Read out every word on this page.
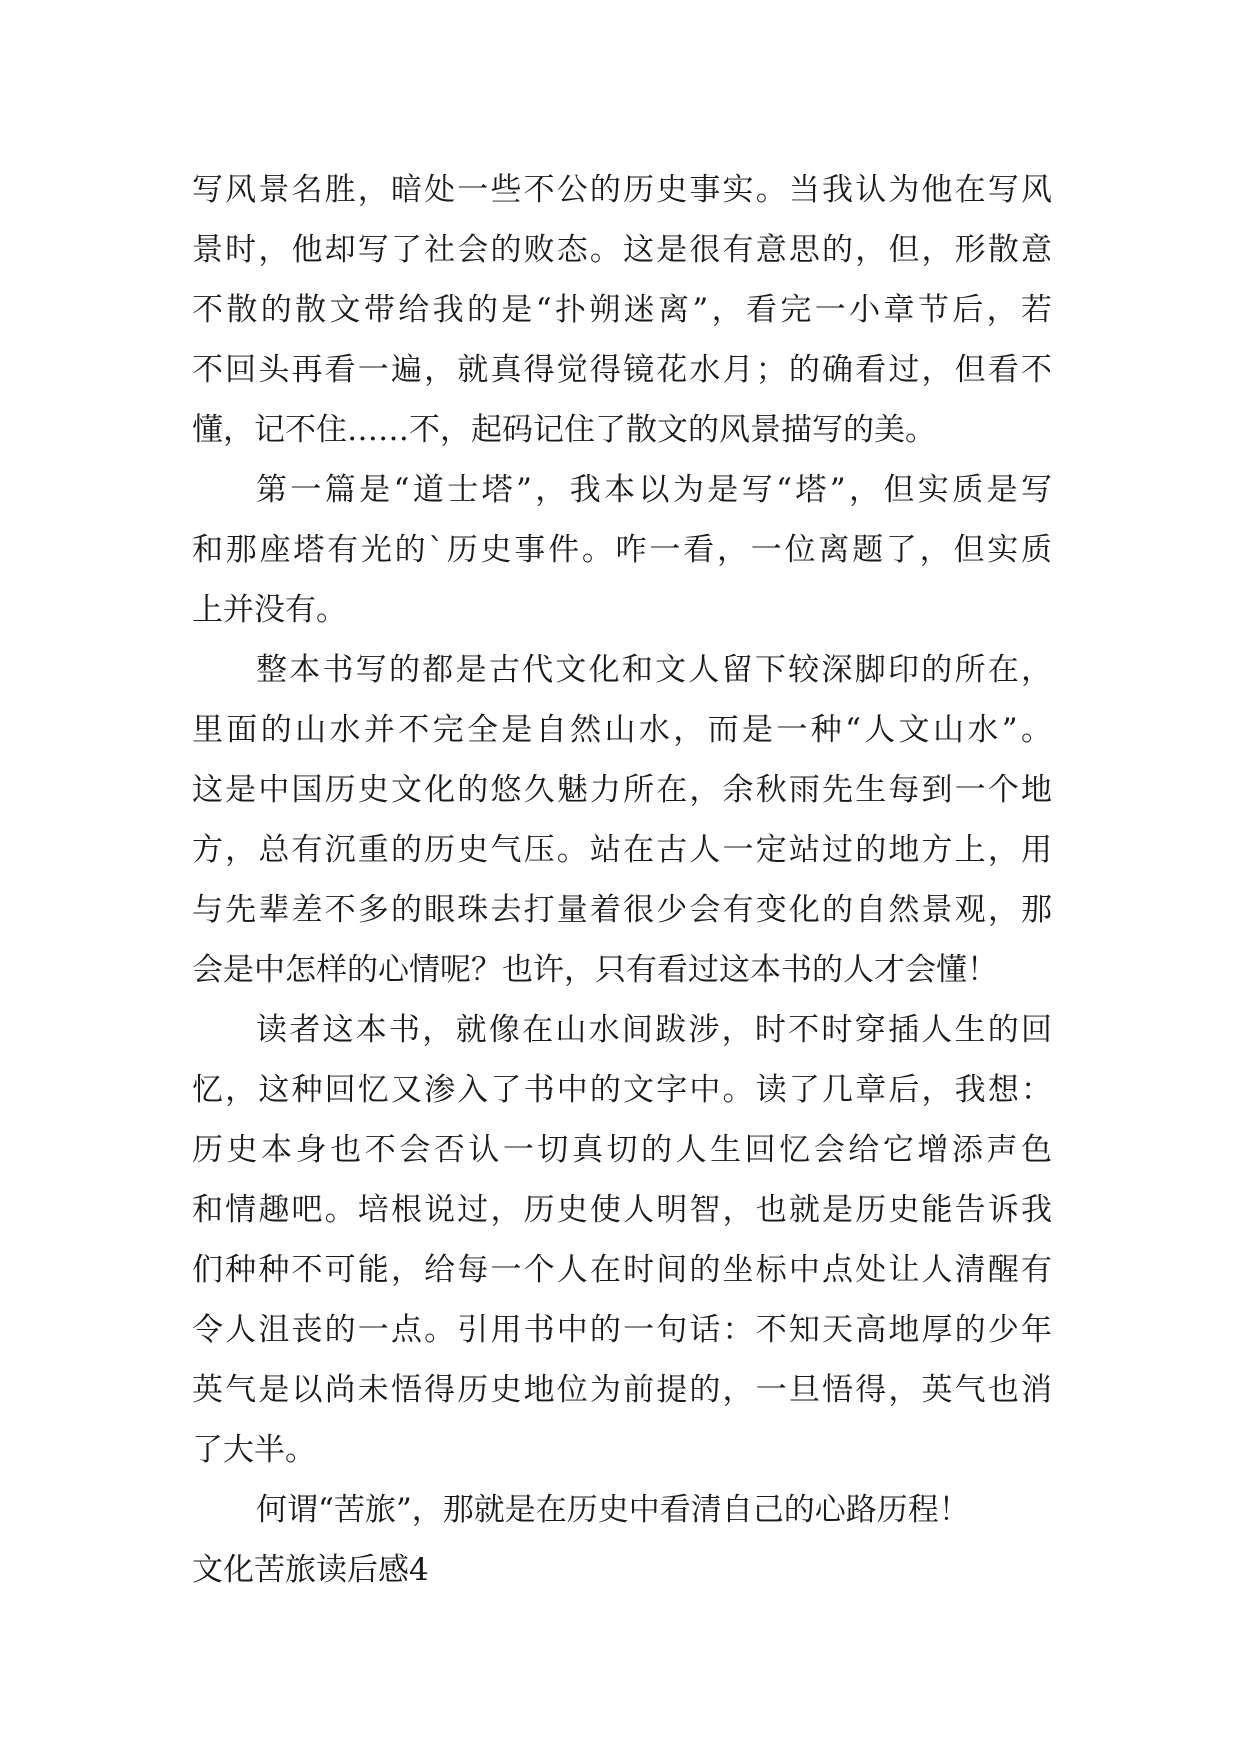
写风景名胜，暗处一些不公的历史事实。当我认为他在写风
景时，他却写了社会的败态。这是很有意思的，但，形散意
不散的散文带给我的是“扑朔迷离”，看完一小章节后，若
不回头再看一遍，就真得觉得镜花水月；的确看过，但看不
懂，记不住……不，起码记住了散文的风景描写的美。
第一篇是“道士塔”，我本以为是写“塔”，但实质是写
和那座塔有光的`历史事件。咋一看，一位离题了，但实质
上并没有。
整本书写的都是古代文化和文人留下较深脚印的所在，
里面的山水并不完全是自然山水，而是一种“人文山水”。
这是中国历史文化的悠久魅力所在，余秋雨先生每到一个地
方，总有沉重的历史气压。站在古人一定站过的地方上，用
与先辈差不多的眼珠去打量着很少会有变化的自然景观，那
会是中怎样的心情呢？也许，只有看过这本书的人才会懂！
读者这本书，就像在山水间跋涉，时不时穿插人生的回
忆，这种回忆又渗入了书中的文字中。读了几章后，我想：
历史本身也不会否认一切真切的人生回忆会给它增添声色
和情趣吧。培根说过，历史使人明智，也就是历史能告诉我
们种种不可能，给每一个人在时间的坐标中点处让人清醒有
令人沮丧的一点。引用书中的一句话：不知天高地厚的少年
英气是以尚未悟得历史地位为前提的，一旦悟得，英气也消
了大半。
何谓“苦旅”，那就是在历史中看清自己的心路历程！
文化苦旅读后感4
